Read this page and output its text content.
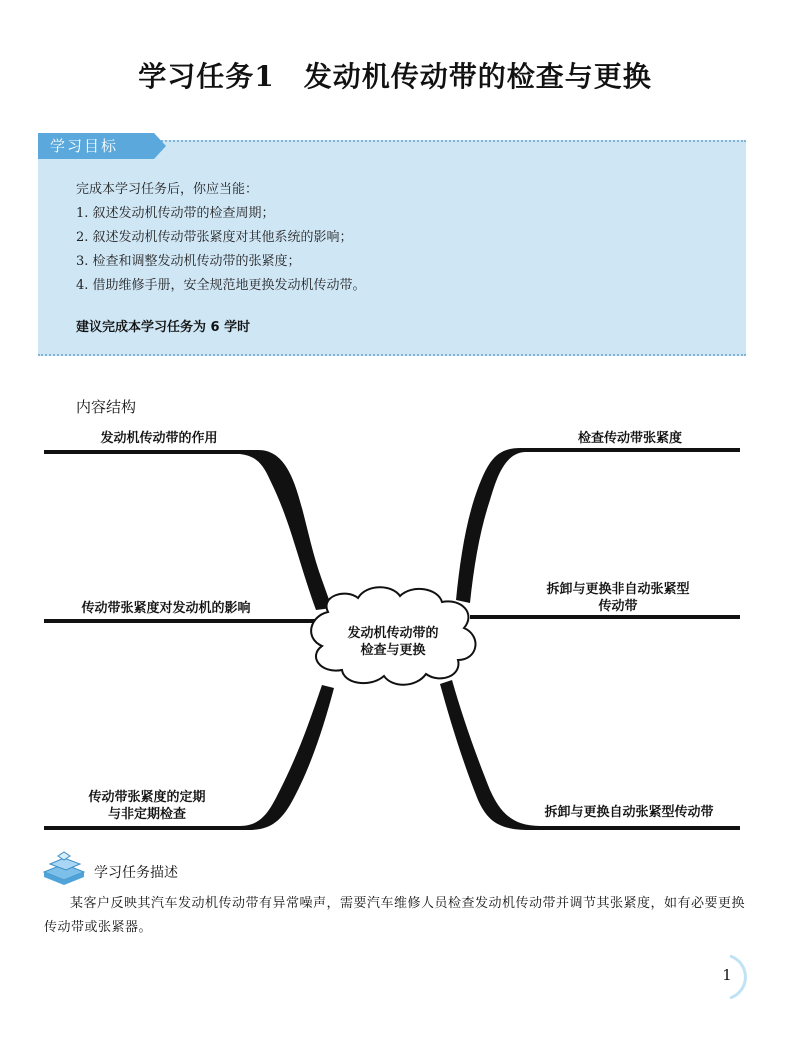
学习任务1　发动机传动带的检查与更换
学习目标
完成本学习任务后，你应当能：
1. 叙述发动机传动带的检查周期；
2. 叙述发动机传动带张紧度对其他系统的影响；
3. 检查和调整发动机传动带的张紧度；
4. 借助维修手册，安全规范地更换发动机传动带。
建议完成本学习任务为 6 学时
内容结构
发动机传动带的
检查与更换
发动机传动带的作用
传动带张紧度对发动机的影响
传动带张紧度的定期
与非定期检查
检查传动带张紧度
拆卸与更换非自动张紧型
传动带
拆卸与更换自动张紧型传动带
学习任务描述
某客户反映其汽车发动机传动带有异常噪声，需要汽车维修人员检查发动机传动带并调节其张紧度，如有必要更换传动带或张紧器。
1
